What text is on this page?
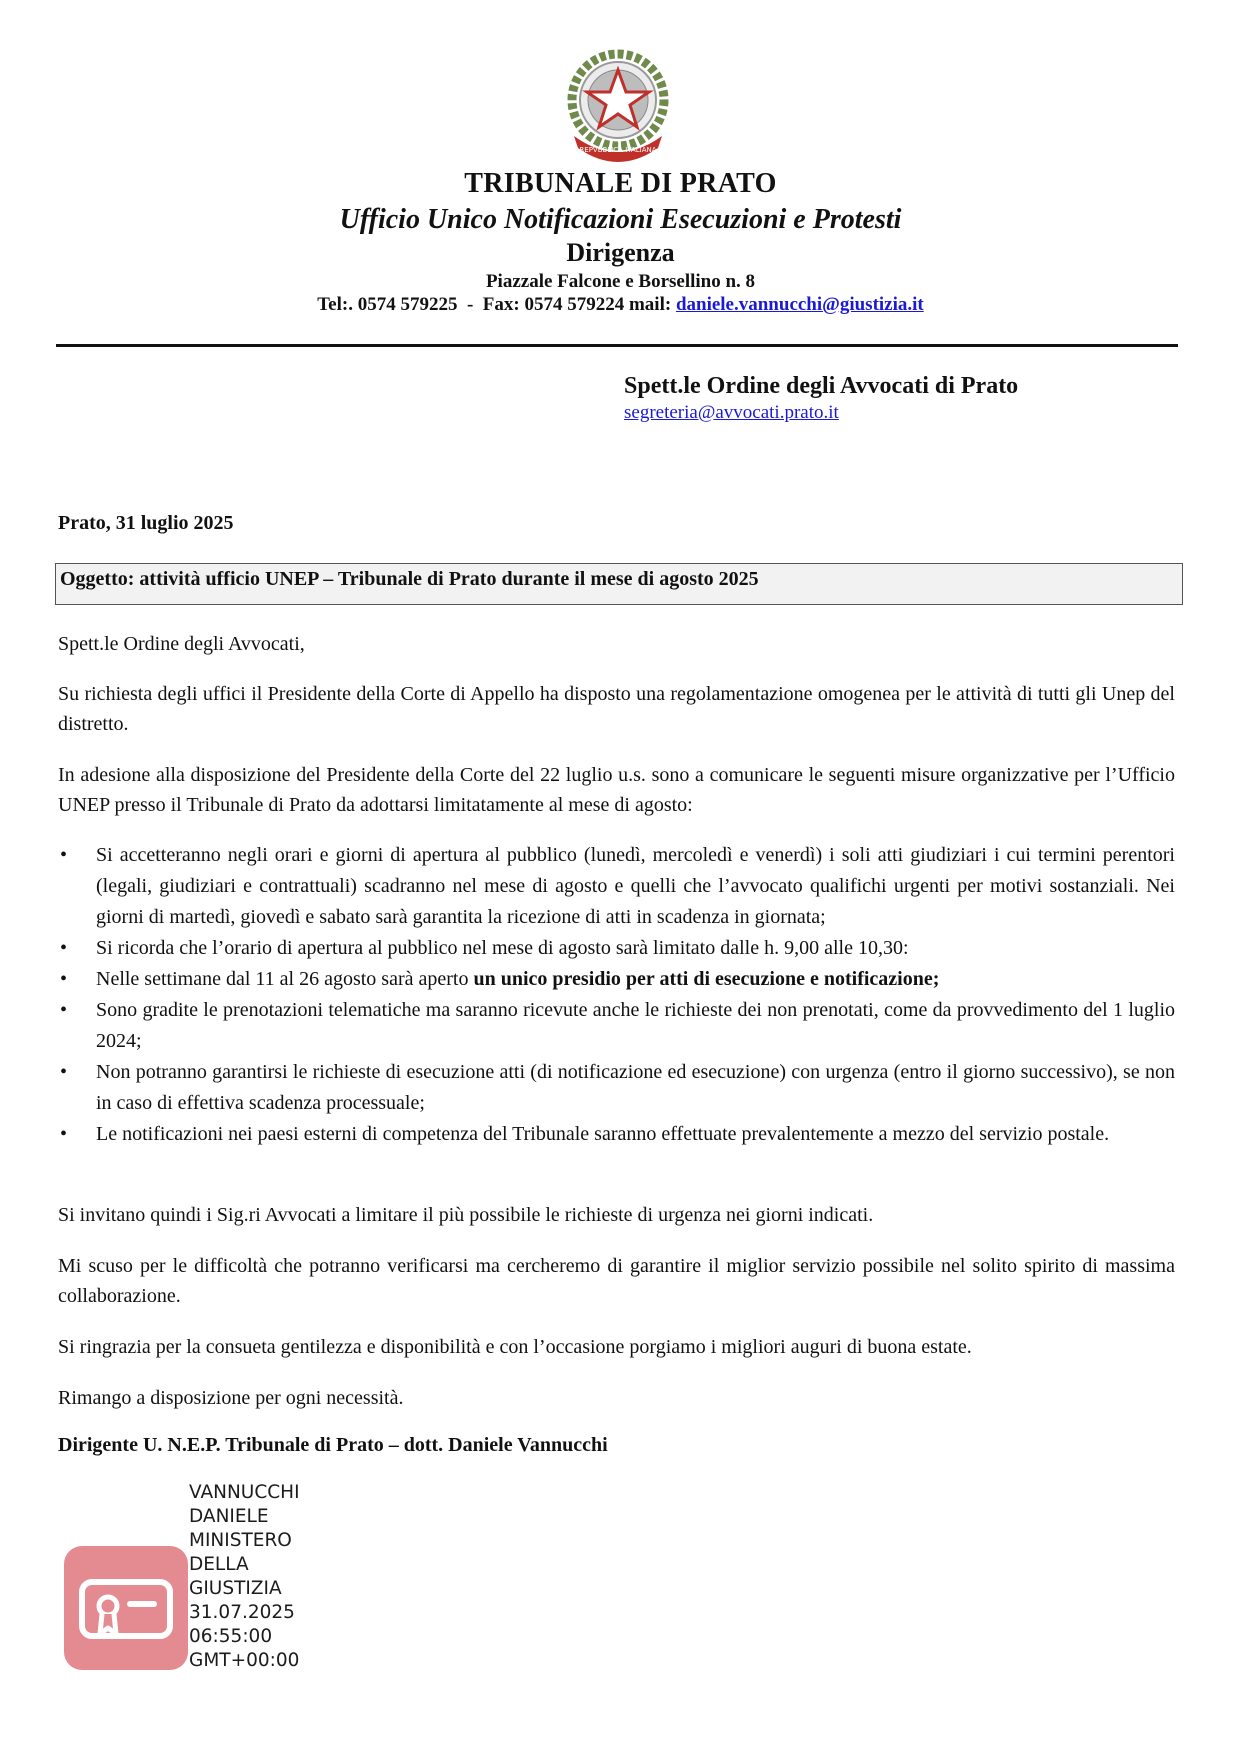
REPVBBLICA ITALIANA
TRIBUNALE DI PRATO
Ufficio Unico Notificazioni Esecuzioni e Protesti
Dirigenza
Piazzale Falcone e Borsellino n. 8
Tel:. 0574 579225  -  Fax: 0574 579224 mail: daniele.vannucchi@giustizia.it
Spett.le Ordine degli Avvocati di Prato
segreteria@avvocati.prato.it
Prato, 31 luglio 2025
Oggetto: attività ufficio UNEP – Tribunale di Prato durante il mese di agosto 2025
Spett.le Ordine degli Avvocati,
Su richiesta degli uffici il Presidente della Corte di Appello ha disposto una regolamentazione omogenea per le attività di tutti gli Unep del distretto.
In adesione alla disposizione del Presidente della Corte del 22 luglio u.s. sono a comunicare le seguenti misure organizzative per l’Ufficio UNEP presso il Tribunale di Prato da adottarsi limitatamente al mese di agosto:
• Si accetteranno negli orari e giorni di apertura al pubblico (lunedì, mercoledì e venerdì) i soli atti giudiziari i cui termini perentori (legali, giudiziari e contrattuali) scadranno nel mese di agosto e quelli che l’avvocato qualifichi urgenti per motivi sostanziali. Nei giorni di martedì, giovedì e sabato sarà garantita la ricezione di atti in scadenza in giornata;
• Si ricorda che l’orario di apertura al pubblico nel mese di agosto sarà limitato dalle h. 9,00 alle 10,30:
• Nelle settimane dal 11 al 26 agosto sarà aperto un unico presidio per atti di esecuzione e notificazione;
• Sono gradite le prenotazioni telematiche ma saranno ricevute anche le richieste dei non prenotati, come da provvedimento del 1 luglio 2024;
• Non potranno garantirsi le richieste di esecuzione atti (di notificazione ed esecuzione) con urgenza (entro il giorno successivo), se non in caso di effettiva scadenza processuale;
• Le notificazioni nei paesi esterni di competenza del Tribunale saranno effettuate prevalentemente a mezzo del servizio postale.
Si invitano quindi i Sig.ri Avvocati a limitare il più possibile le richieste di urgenza nei giorni indicati.
Mi scuso per le difficoltà che potranno verificarsi ma cercheremo di garantire il miglior servizio possibile nel solito spirito di massima collaborazione.
Si ringrazia per la consueta gentilezza e disponibilità e con l’occasione porgiamo i migliori auguri di buona estate.
Rimango a disposizione per ogni necessità.
Dirigente U. N.E.P. Tribunale di Prato – dott. Daniele Vannucchi
VANNUCCHI
DANIELE
MINISTERO
DELLA
GIUSTIZIA
31.07.2025
06:55:00
GMT+00:00
